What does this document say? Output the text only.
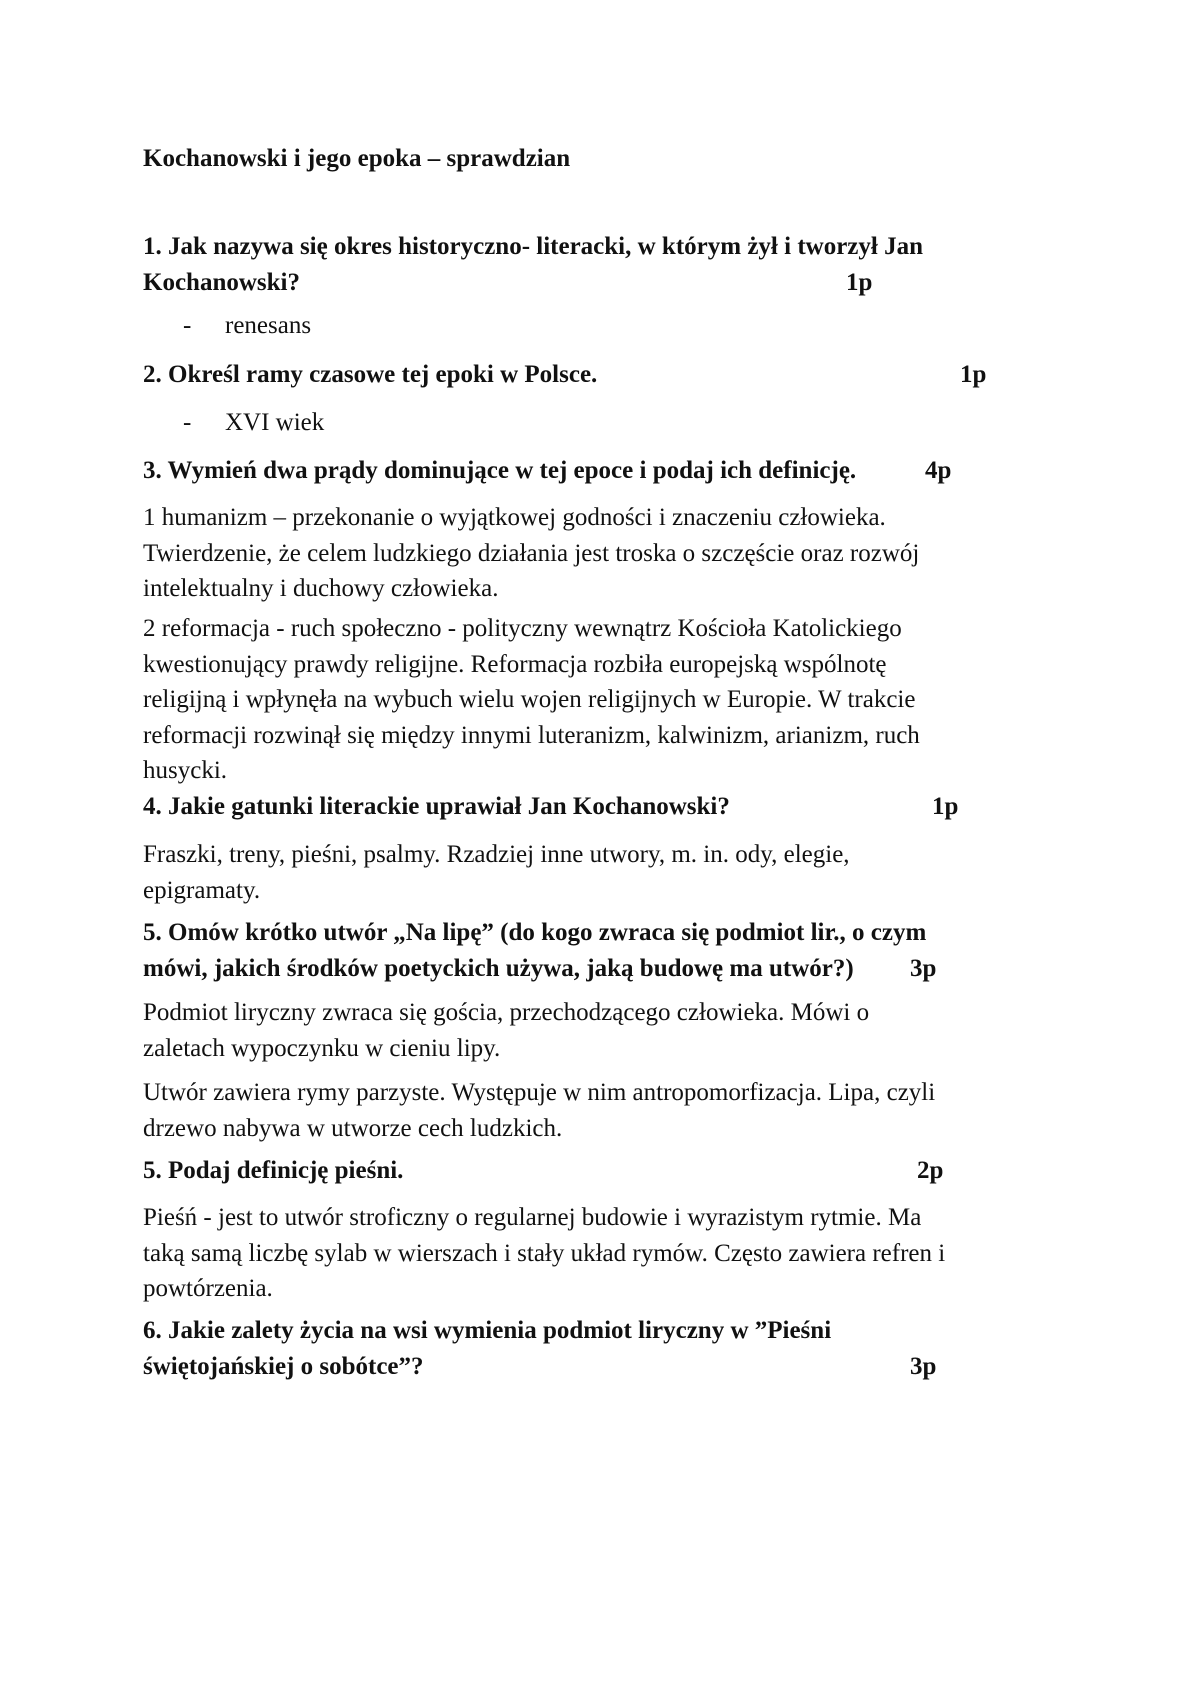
Kochanowski i jego epoka – sprawdzian
1. Jak nazywa się okres historyczno- literacki, w którym żył i tworzył Jan
Kochanowski?	1p
- renesans
2. Określ ramy czasowe tej epoki w Polsce.	1p
- XVI wiek
3. Wymień dwa prądy dominujące w tej epoce i podaj ich definicję.	4p
1 humanizm – przekonanie o wyjątkowej godności i znaczeniu człowieka.
Twierdzenie, że celem ludzkiego działania jest troska o szczęście oraz rozwój
intelektualny i duchowy człowieka.
2 reformacja - ruch społeczno - polityczny wewnątrz Kościoła Katolickiego
kwestionujący prawdy religijne. Reformacja rozbiła europejską wspólnotę
religijną i wpłynęła na wybuch wielu wojen religijnych w Europie. W trakcie
reformacji rozwinął się między innymi luteranizm, kalwinizm, arianizm, ruch
husycki.
4. Jakie gatunki literackie uprawiał Jan Kochanowski?	1p
Fraszki, treny, pieśni, psalmy. Rzadziej inne utwory, m. in. ody, elegie,
epigramaty.
5. Omów krótko utwór „Na lipę” (do kogo zwraca się podmiot lir., o czym
mówi, jakich środków poetyckich używa, jaką budowę ma utwór?) 3p
Podmiot liryczny zwraca się gościa, przechodzącego człowieka. Mówi o
zaletach wypoczynku w cieniu lipy.
Utwór zawiera rymy parzyste. Występuje w nim antropomorfizacja. Lipa, czyli
drzewo nabywa w utworze cech ludzkich.
5. Podaj definicję pieśni.	2p
Pieśń - jest to utwór stroficzny o regularnej budowie i wyrazistym rytmie. Ma
taką samą liczbę sylab w wierszach i stały układ rymów. Często zawiera refren i
powtórzenia.
6. Jakie zalety życia na wsi wymienia podmiot liryczny w ”Pieśni
świętojańskiej o sobótce”?	3p
